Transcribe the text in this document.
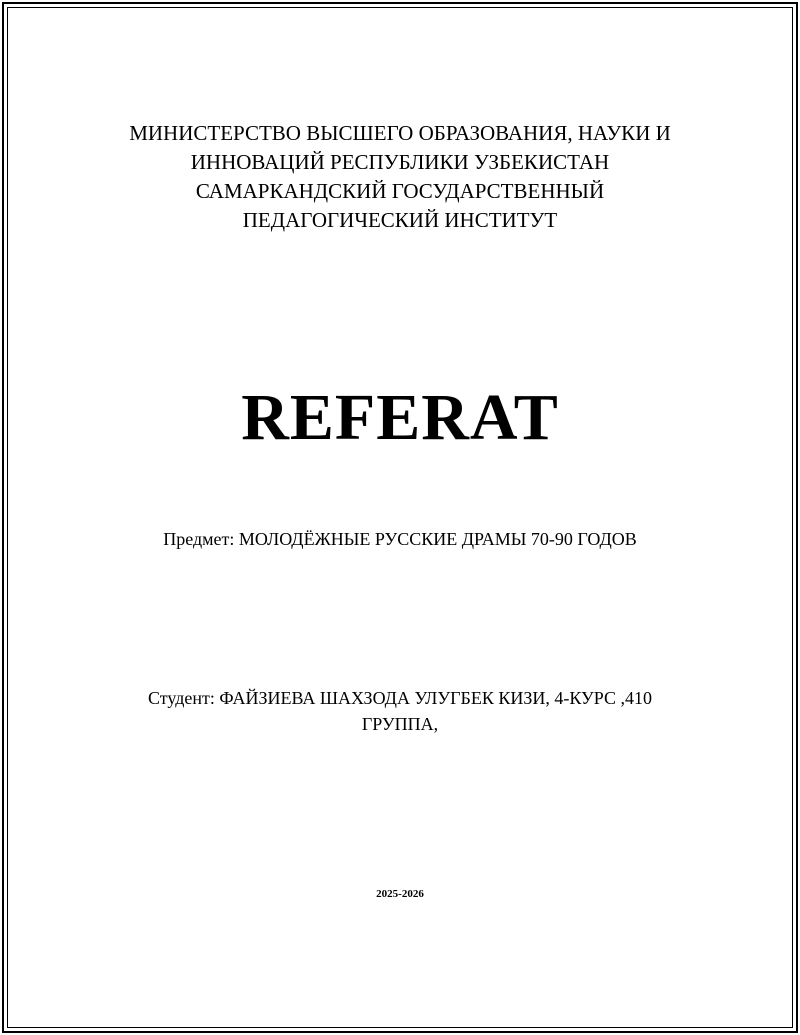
МИНИСТЕРСТВО ВЫСШЕГО ОБРАЗОВАНИЯ, НАУКИ И
ИННОВАЦИЙ РЕСПУБЛИКИ УЗБЕКИСТАН
САМАРКАНДСКИЙ ГОСУДАРСТВЕННЫЙ
ПЕДАГОГИЧЕСКИЙ ИНСТИТУТ
REFERAT
Предмет: МОЛОДЁЖНЫЕ РУССКИЕ ДРАМЫ 70-90 ГОДОВ
Студент: ФАЙЗИЕВА ШАХЗОДА УЛУГБЕК КИЗИ, 4-КУРС ,410
ГРУППА,
2025-2026
